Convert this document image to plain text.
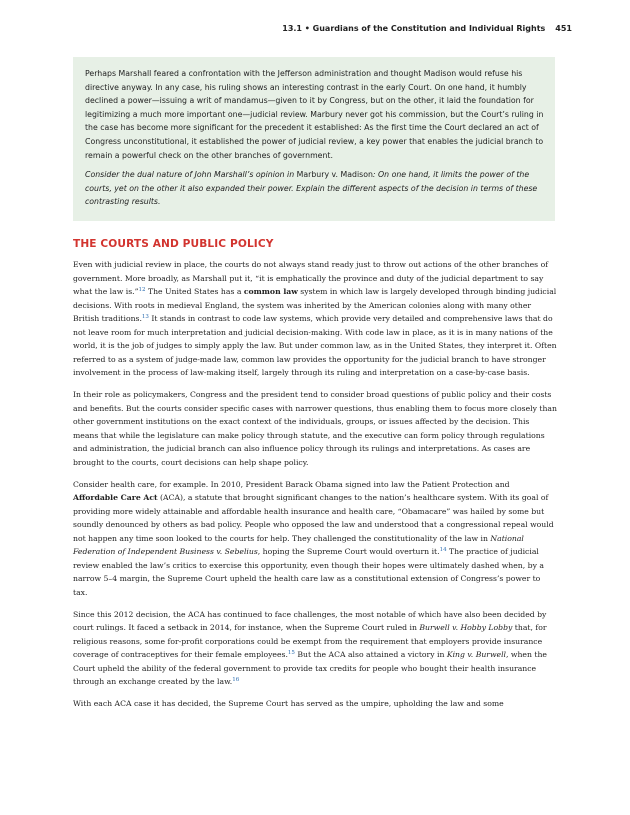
13.1 • Guardians of the Constitution and Individual Rights 451

Perhaps Marshall feared a confrontation with the Jefferson administration and thought Madison would refuse his directive anyway. In any case, his ruling shows an interesting contrast in the early Court. On one hand, it humbly declined a power—issuing a writ of mandamus—given to it by Congress, but on the other, it laid the foundation for legitimizing a much more important one—judicial review. Marbury never got his commission, but the Court’s ruling in the case has become more significant for the precedent it established: As the first time the Court declared an act of Congress unconstitutional, it established the power of judicial review, a key power that enables the judicial branch to remain a powerful check on the other branches of government.

Consider the dual nature of John Marshall’s opinion in Marbury v. Madison: On one hand, it limits the power of the courts, yet on the other it also expanded their power. Explain the different aspects of the decision in terms of these contrasting results.

THE COURTS AND PUBLIC POLICY

Even with judicial review in place, the courts do not always stand ready just to throw out actions of the other branches of government. More broadly, as Marshall put it, “it is emphatically the province and duty of the judicial department to say what the law is.”$^{12}$ The United States has a common law system in which law is largely developed through binding judicial decisions. With roots in medieval England, the system was inherited by the American colonies along with many other British traditions.$^{13}$ It stands in contrast to code law systems, which provide very detailed and comprehensive laws that do not leave room for much interpretation and judicial decision-making. With code law in place, as it is in many nations of the world, it is the job of judges to simply apply the law. But under common law, as in the United States, they interpret it. Often referred to as a system of judge-made law, common law provides the opportunity for the judicial branch to have stronger involvement in the process of law-making itself, largely through its ruling and interpretation on a case-by-case basis.

In their role as policymakers, Congress and the president tend to consider broad questions of public policy and their costs and benefits. But the courts consider specific cases with narrower questions, thus enabling them to focus more closely than other government institutions on the exact context of the individuals, groups, or issues affected by the decision. This means that while the legislature can make policy through statute, and the executive can form policy through regulations and administration, the judicial branch can also influence policy through its rulings and interpretations. As cases are brought to the courts, court decisions can help shape policy.

Consider health care, for example. In 2010, President Barack Obama signed into law the Patient Protection and Affordable Care Act (ACA), a statute that brought significant changes to the nation’s healthcare system. With its goal of providing more widely attainable and affordable health insurance and health care, “Obamacare” was hailed by some but soundly denounced by others as bad policy. People who opposed the law and understood that a congressional repeal would not happen any time soon looked to the courts for help. They challenged the constitutionality of the law in National Federation of Independent Business v. Sebelius, hoping the Supreme Court would overturn it.$^{14}$ The practice of judicial review enabled the law’s critics to exercise this opportunity, even though their hopes were ultimately dashed when, by a narrow 5–4 margin, the Supreme Court upheld the health care law as a constitutional extension of Congress’s power to tax.

Since this 2012 decision, the ACA has continued to face challenges, the most notable of which have also been decided by court rulings. It faced a setback in 2014, for instance, when the Supreme Court ruled in Burwell v. Hobby Lobby that, for religious reasons, some for-profit corporations could be exempt from the requirement that employers provide insurance coverage of contraceptives for their female employees.$^{15}$ But the ACA also attained a victory in King v. Burwell, when the Court upheld the ability of the federal government to provide tax credits for people who bought their health insurance through an exchange created by the law.$^{16}$

With each ACA case it has decided, the Supreme Court has served as the umpire, upholding the law and some
